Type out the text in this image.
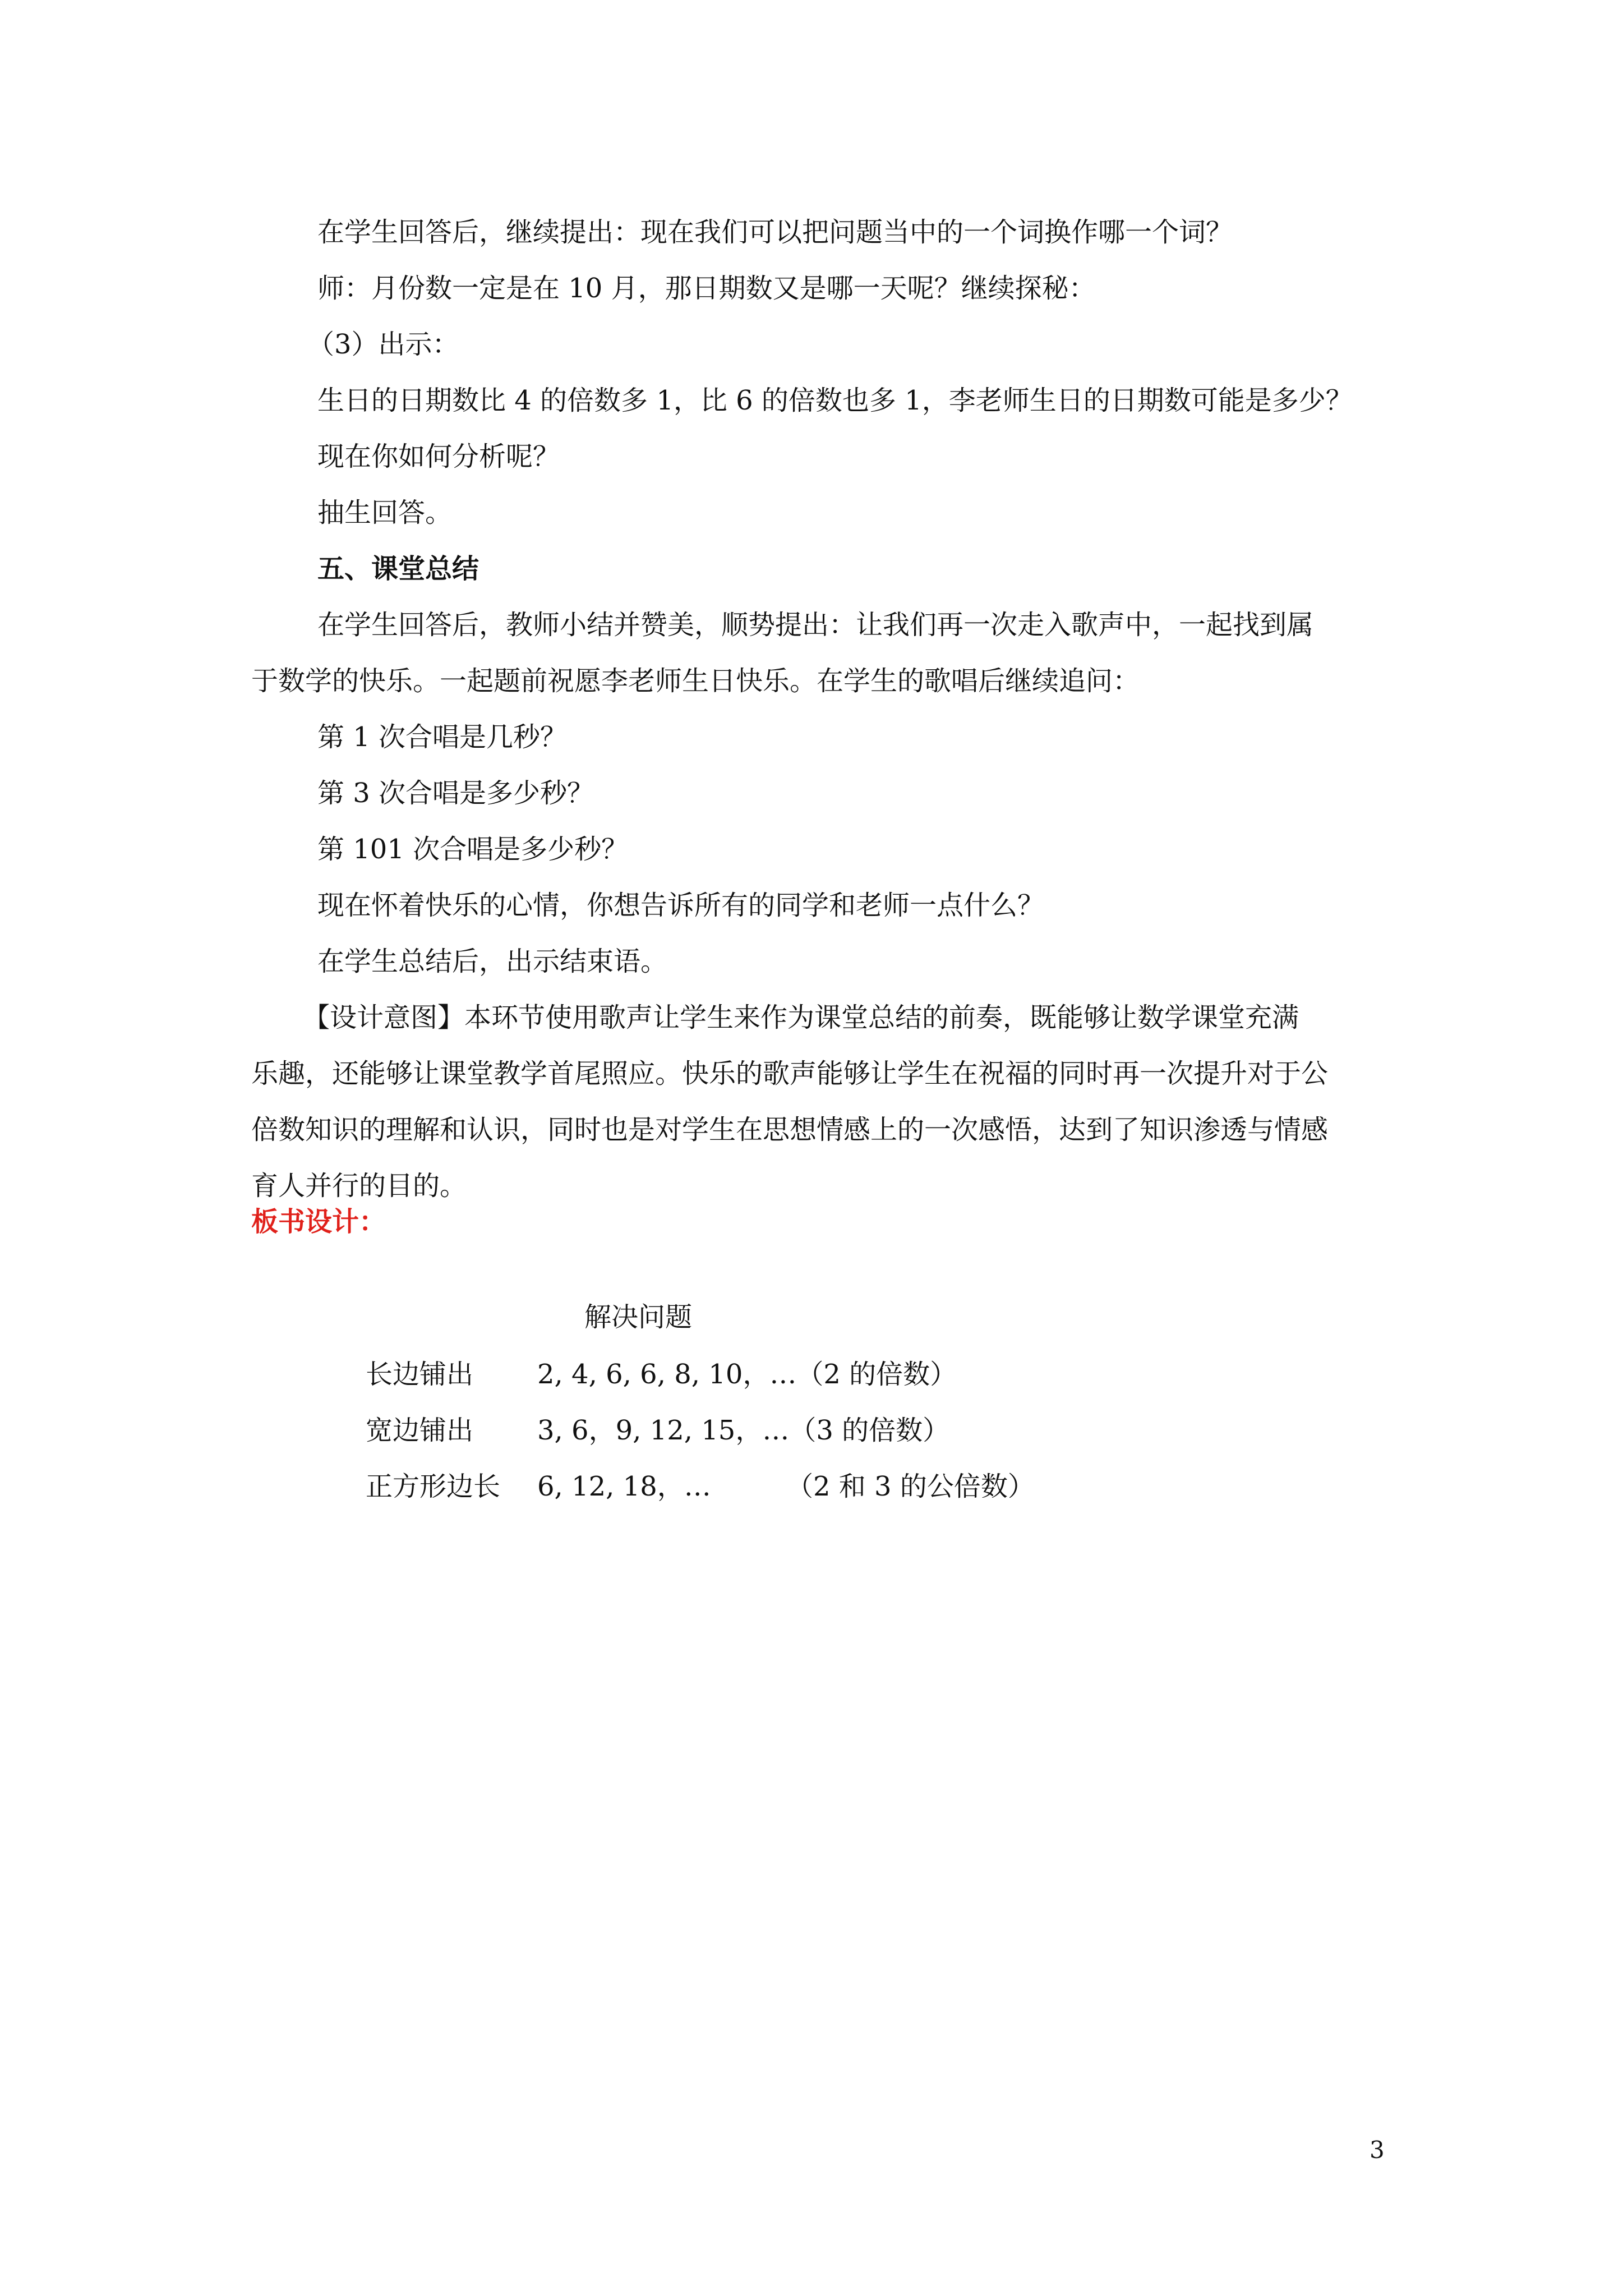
在学生回答后，继续提出：现在我们可以把问题当中的一个词换作哪一个词？
师：月份数一定是在 10 月，那日期数又是哪一天呢？继续探秘：
（3）出示：
生日的日期数比 4 的倍数多 1，比 6 的倍数也多 1，李老师生日的日期数可能是多少？
现在你如何分析呢？
抽生回答。
五、课堂总结
在学生回答后，教师小结并赞美，顺势提出：让我们再一次走入歌声中，一起找到属
于数学的快乐。一起题前祝愿李老师生日快乐。在学生的歌唱后继续追问：
第 1 次合唱是几秒？
第 3 次合唱是多少秒？
第 101 次合唱是多少秒？
现在怀着快乐的心情，你想告诉所有的同学和老师一点什么？
在学生总结后，出示结束语。
【设计意图】本环节使用歌声让学生来作为课堂总结的前奏，既能够让数学课堂充满
乐趣，还能够让课堂教学首尾照应。快乐的歌声能够让学生在祝福的同时再一次提升对于公
倍数知识的理解和认识，同时也是对学生在思想情感上的一次感悟，达到了知识渗透与情感
育人并行的目的。
板书设计：
解决问题
长边铺出 2, 4, 6, 6, 8, 10，…（2 的倍数）
宽边铺出 3, 6，9, 12, 15，…（3 的倍数）
正方形边长 6, 12, 18，…	（2 和 3 的公倍数）
3
